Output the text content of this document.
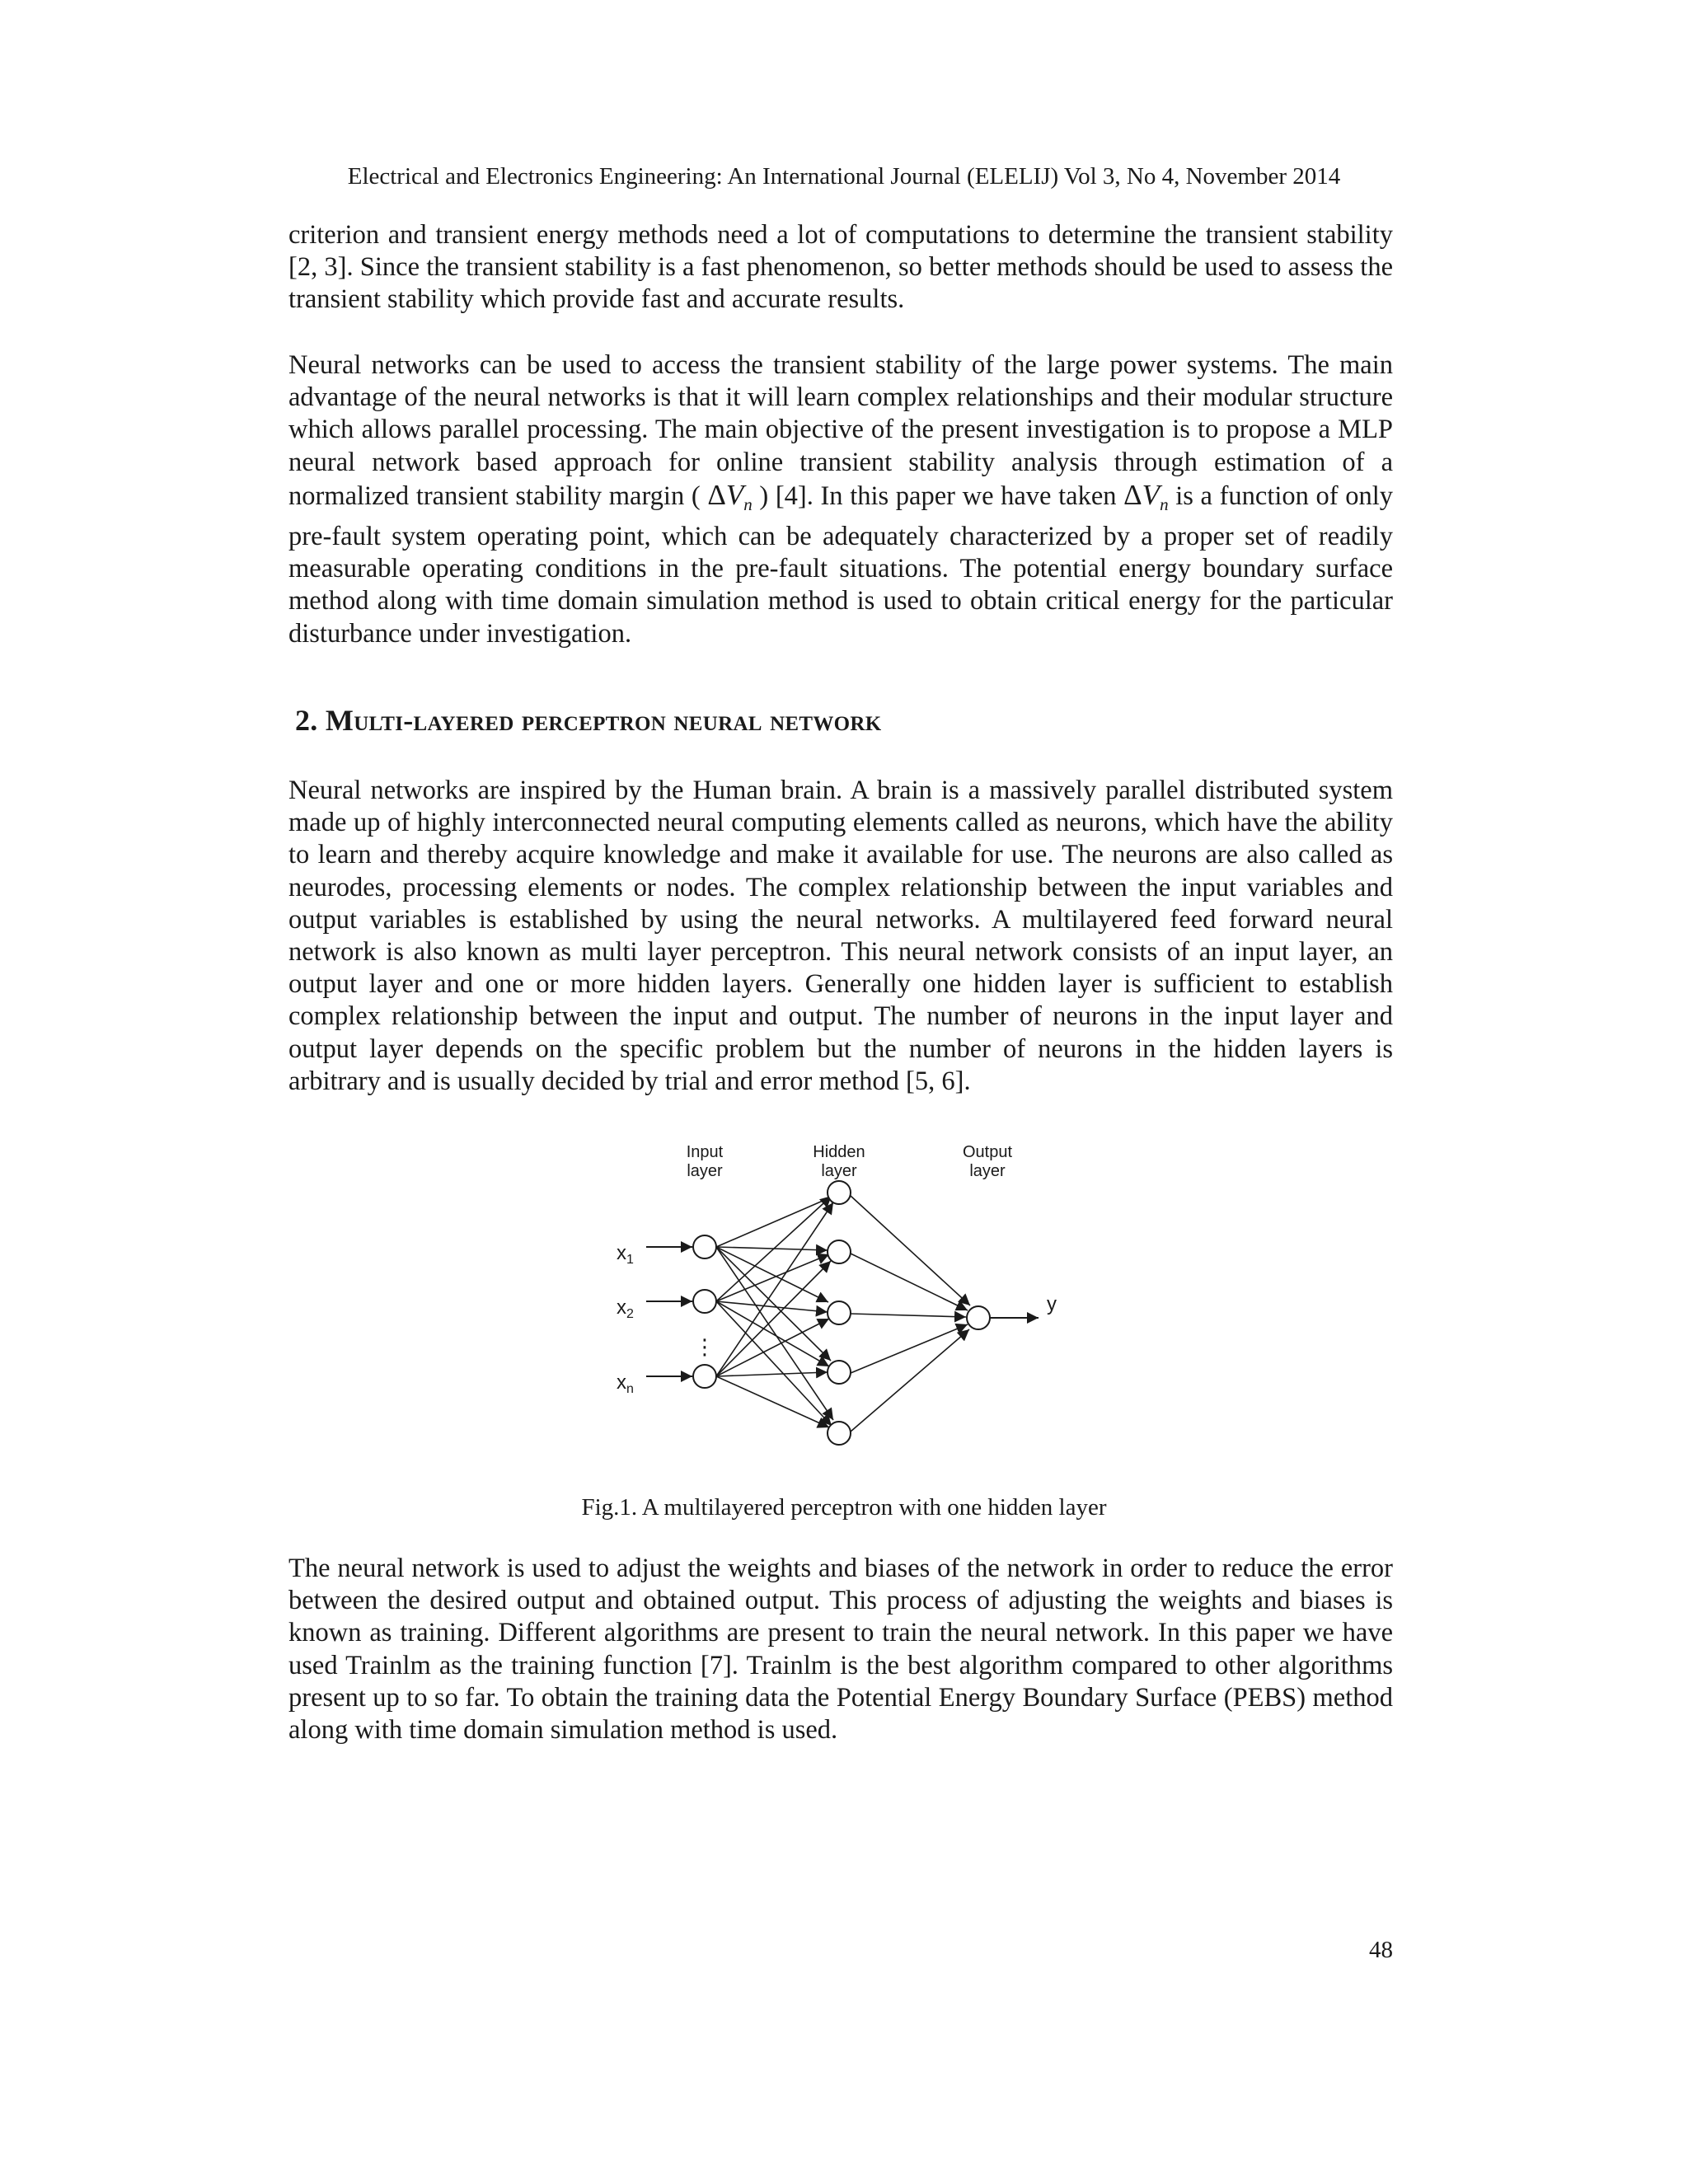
Electrical and Electronics Engineering: An International Journal (ELELIJ) Vol 3, No 4, November 2014

criterion and transient energy methods need a lot of computations to determine the transient stability [2, 3]. Since the transient stability is a fast phenomenon, so better methods should be used to assess the transient stability which provide fast and accurate results.

Neural networks can be used to access the transient stability of the large power systems. The main advantage of the neural networks is that it will learn complex relationships and their modular structure which allows parallel processing. The main objective of the present investigation is to propose a MLP neural network based approach for online transient stability analysis through estimation of a normalized transient stability margin ( $\Delta V_n$ ) [4]. In this paper we have taken $\Delta V_n$ is a function of only pre-fault system operating point, which can be adequately characterized by a proper set of readily measurable operating conditions in the pre-fault situations. The potential energy boundary surface method along with time domain simulation method is used to obtain critical energy for the particular disturbance under investigation.

2. Multi-layered perceptron neural network

Neural networks are inspired by the Human brain. A brain is a massively parallel distributed system made up of highly interconnected neural computing elements called as neurons, which have the ability to learn and thereby acquire knowledge and make it available for use. The neurons are also called as neurodes, processing elements or nodes. The complex relationship between the input variables and output variables is established by using the neural networks. A multilayered feed forward neural network is also known as multi layer perceptron. This neural network consists of an input layer, an output layer and one or more hidden layers. Generally one hidden layer is sufficient to establish complex relationship between the input and output. The number of neurons in the input layer and output layer depends on the specific problem but the number of neurons in the hidden layers is arbitrary and is usually decided by trial and error method [5, 6].

Input
layer
Hidden
layer
Output
layer
$x_1$
$x_2$
$x_n$
⋮
y
Fig.1. A multilayered perceptron with one hidden layer

The neural network is used to adjust the weights and biases of the network in order to reduce the error between the desired output and obtained output. This process of adjusting the weights and biases is known as training. Different algorithms are present to train the neural network. In this paper we have used Trainlm as the training function [7]. Trainlm is the best algorithm compared to other algorithms present up to so far. To obtain the training data the Potential Energy Boundary Surface (PEBS) method along with time domain simulation method is used.

48
